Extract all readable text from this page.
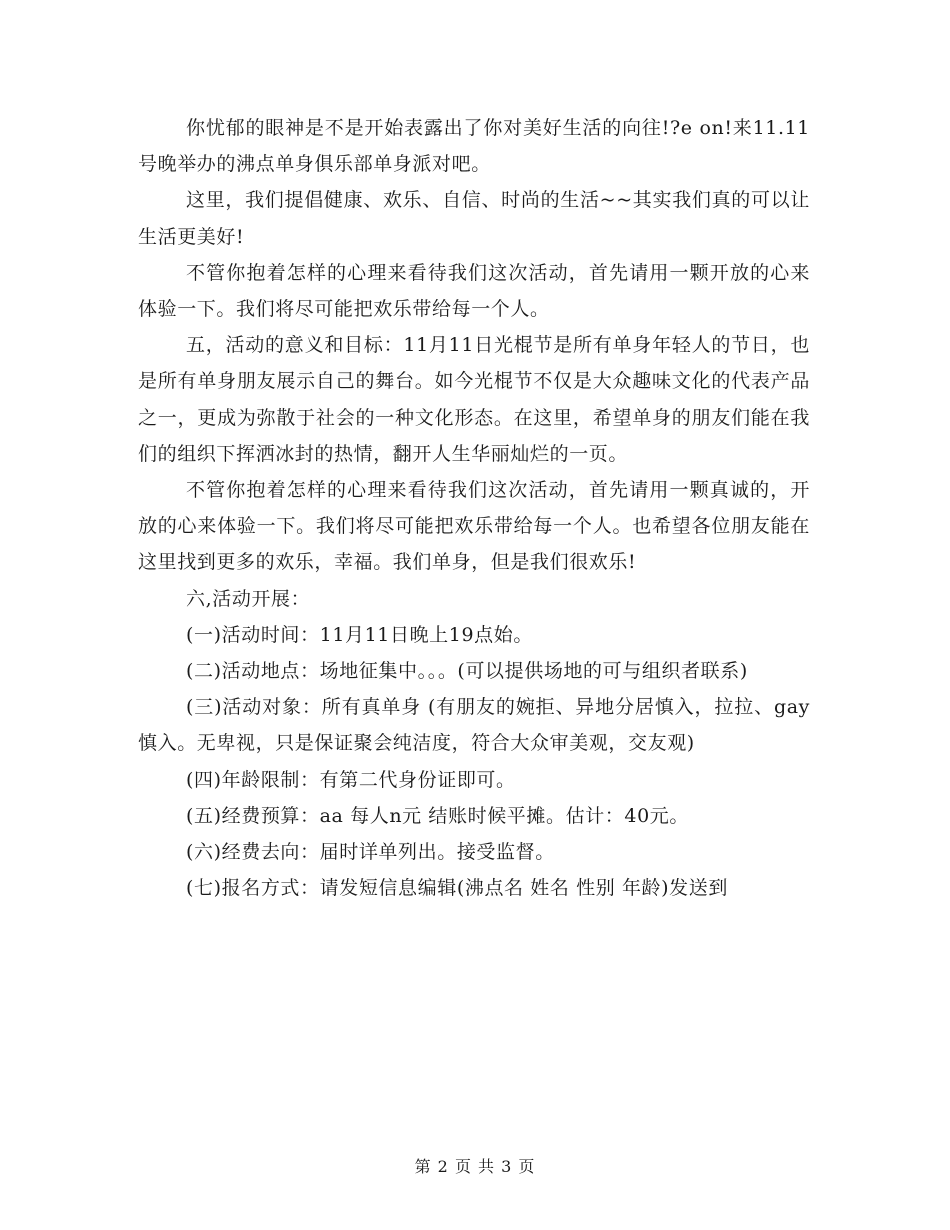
你忧郁的眼神是不是开始表露出了你对美好生活的向往!?e on!来11.11号晚举办的沸点单身俱乐部单身派对吧。

这里，我们提倡健康、欢乐、自信、时尚的生活~~其实我们真的可以让生活更美好!

不管你抱着怎样的心理来看待我们这次活动，首先请用一颗开放的心来体验一下。我们将尽可能把欢乐带给每一个人。

五，活动的意义和目标：11月11日光棍节是所有单身年轻人的节日，也是所有单身朋友展示自己的舞台。如今光棍节不仅是大众趣味文化的代表产品之一，更成为弥散于社会的一种文化形态。在这里，希望单身的朋友们能在我们的组织下挥洒冰封的热情，翻开人生华丽灿烂的一页。

不管你抱着怎样的心理来看待我们这次活动，首先请用一颗真诚的，开放的心来体验一下。我们将尽可能把欢乐带给每一个人。也希望各位朋友能在这里找到更多的欢乐，幸福。我们单身，但是我们很欢乐!

六,活动开展：

(一)活动时间：11月11日晚上19点始。

(二)活动地点：场地征集中。。。(可以提供场地的可与组织者联系)

(三)活动对象：所有真单身 (有朋友的婉拒、异地分居慎入，拉拉、gay慎入。无卑视，只是保证聚会纯洁度，符合大众审美观，交友观)

(四)年龄限制：有第二代身份证即可。

(五)经费预算：aa 每人n元 结账时候平摊。估计：40元。

(六)经费去向：届时详单列出。接受监督。

(七)报名方式：请发短信息编辑(沸点名 姓名 性别 年龄)发送到

第 2 页 共 3 页
